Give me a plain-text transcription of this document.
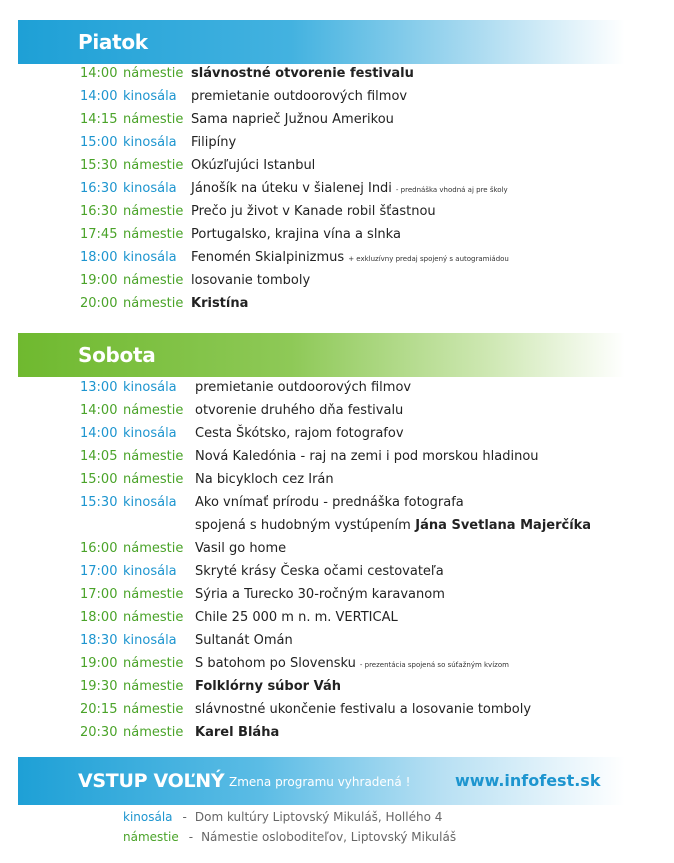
Piatok
14:00 námestie slávnostné otvorenie festivalu
14:00 kinosála premietanie outdoorových filmov
14:15 námestie Sama naprieč Južnou Amerikou
15:00 kinosála Filipíny
15:30 námestie Okúzľujúci Istanbul
16:30 kinosála Jánošík na úteku v šialenej Indi - prednáška vhodná aj pre školy
16:30 námestie Prečo ju život v Kanade robil šťastnou
17:45 námestie Portugalsko, krajina vína a slnka
18:00 kinosála Fenomén Skialpinizmus + exkluzívny predaj spojený s autogramiádou
19:00 námestie losovanie tomboly
20:00 námestie Kristína
Sobota
13:00 kinosála premietanie outdoorových filmov
14:00 námestie otvorenie druhého dňa festivalu
14:00 kinosála Cesta Škótsko, rajom fotografov
14:05 námestie Nová Kaledónia - raj na zemi i pod morskou hladinou
15:00 námestie Na bicykloch cez Irán
15:30 kinosála Ako vnímať prírodu - prednáška fotografa
spojená s hudobným vystúpením Jána Svetlana Majerčíka
16:00 námestie Vasil go home
17:00 kinosála Skryté krásy Česka očami cestovateľa
17:00 námestie Sýria a Turecko 30-ročným karavanom
18:00 námestie Chile 25 000 m n. m. VERTICAL
18:30 kinosála Sultanát Omán
19:00 námestie S batohom po Slovensku - prezentácia spojená so súťažným kvízom
19:30 námestie Folklórny súbor Váh
20:15 námestie slávnostné ukončenie festivalu a losovanie tomboly
20:30 námestie Karel Bláha
VSTUP VOĽNÝ Zmena programu vyhradená !	www.infofest.sk
kinosála - Dom kultúry Liptovský Mikuláš, Hollého 4
námestie - Námestie osloboditeľov, Liptovský Mikuláš
